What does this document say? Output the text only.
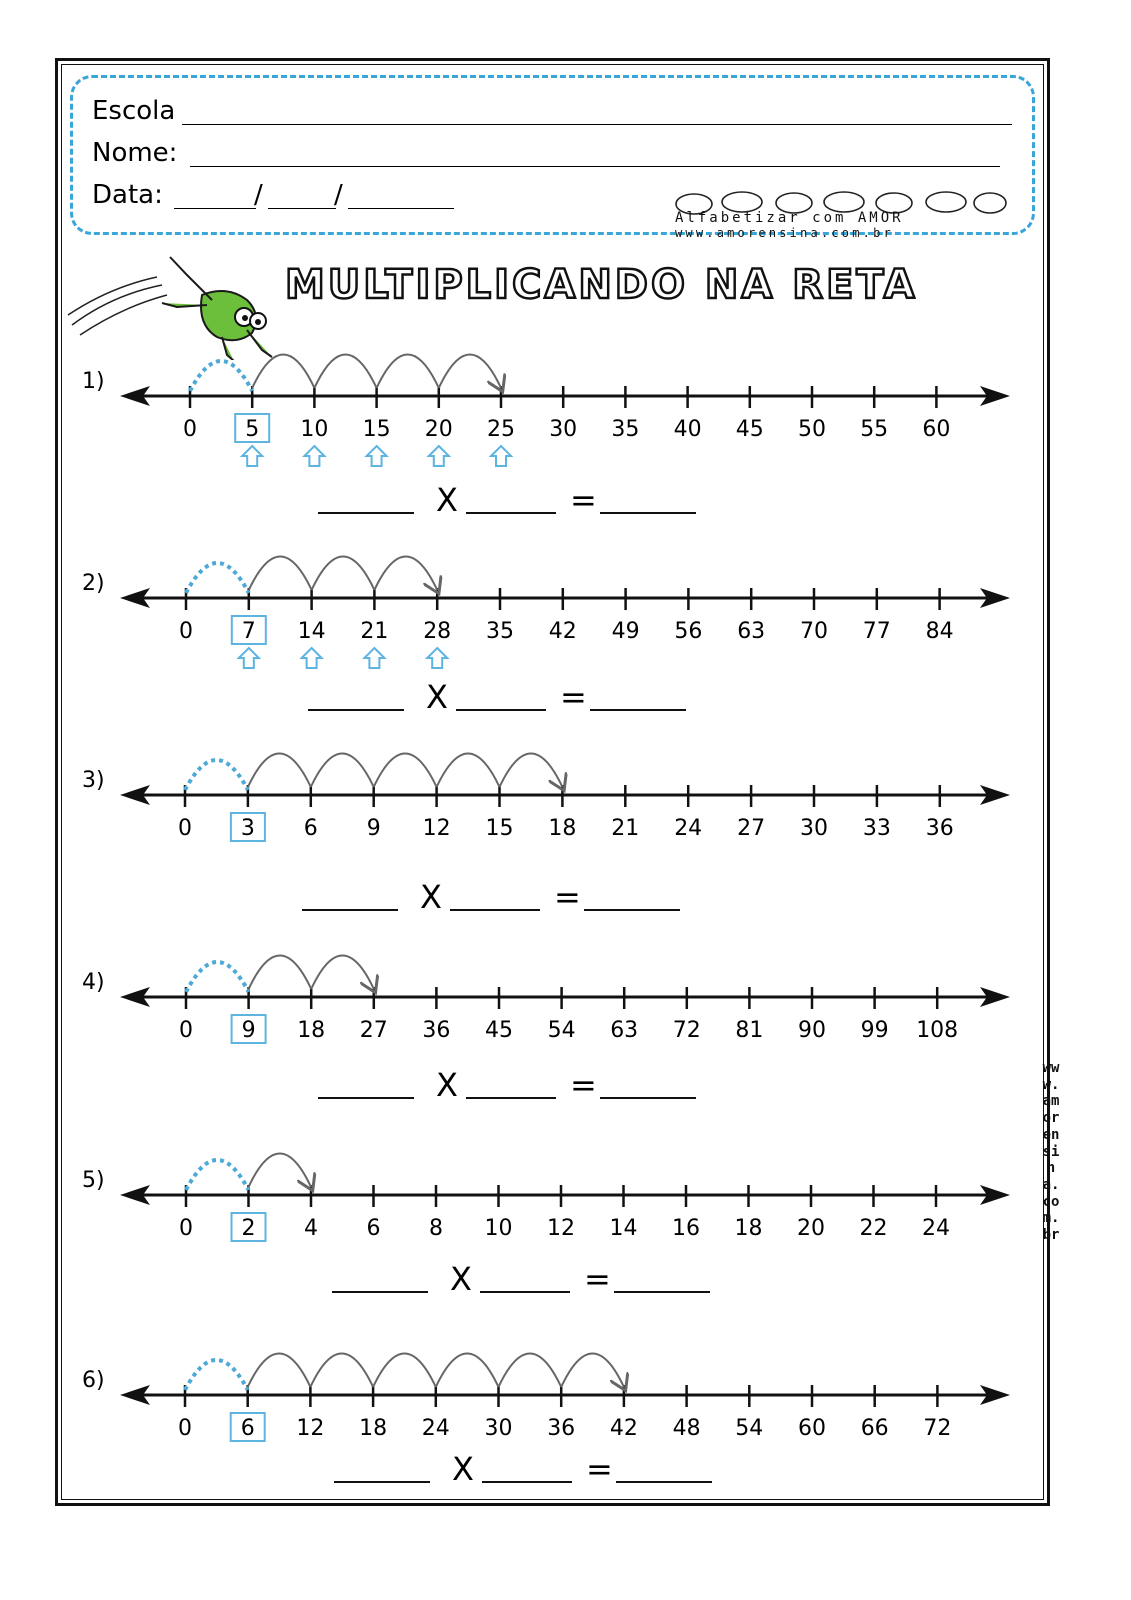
Escola
Nome:
Data:	/	/
Alfabetizar com AMOR
www.amorensina.com.br
MULTIPLICANDO NA RETA
www.amorensina.com.br
1)
0 5 10 15 20 25 30 35 40 45 50 55 60
X	=
2)
0 7 14 21 28 35 42 49 56 63 70 77 84
X	=
3)
0 3 6 9 12 15 18 21 24 27 30 33 36
X	=
4)
0 9 18 27 36 45 54 63 72 81 90 99 108
X	=
5)
0 2 4 6 8 10 12 14 16 18 20 22 24
X	=
6)
0 6 12 18 24 30 36 42 48 54 60 66 72
X	=
